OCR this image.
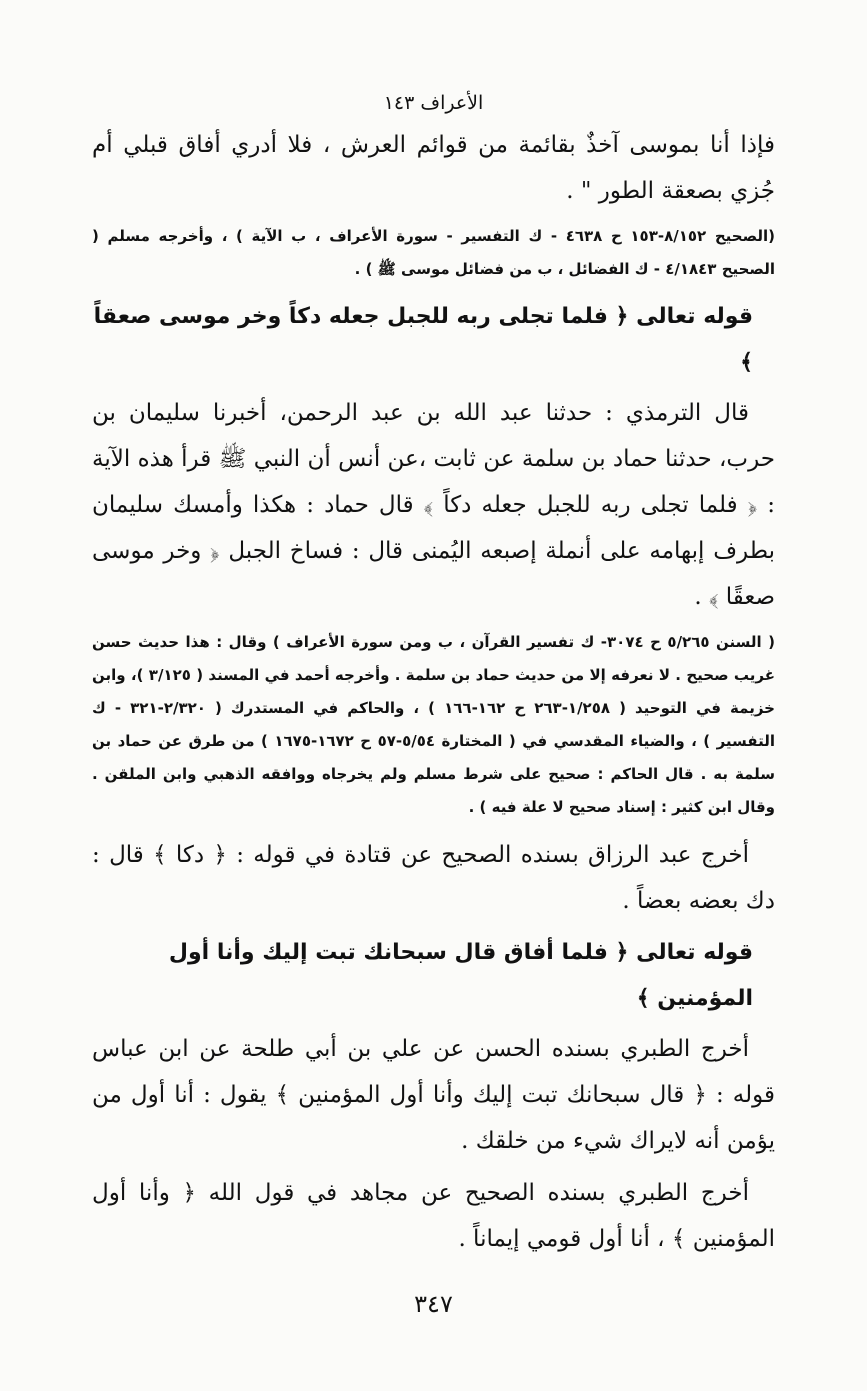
الأعراف ١٤٣

فإذا أنا بموسى آخذٌ بقائمة من قوائم العرش ، فلا أدري أفاق قبلي أم جُزي بصعقة الطور " .

(الصحيح ٨/١٥٢-١٥٣ ح ٤٦٣٨ - ك التفسير - سورة الأعراف ، ب الآية ) ، وأخرجه مسلم ( الصحيح ٤/١٨٤٣ - ك الفضائل ، ب من فضائل موسى ﷺ ) .
قوله تعالى ﴿ فلما تجلى ربه للجبل جعله دكاً وخر موسى صعقاً ﴾

قال الترمذي : حدثنا عبد الله بن عبد الرحمن، أخبرنا سليمان بن حرب، حدثنا حماد بن سلمة عن ثابت ،عن أنس أن النبي ﷺ قرأ هذه الآية : ﴿ فلما تجلى ربه للجبل جعله دكاً ﴾ قال حماد : هكذا وأمسك سليمان بطرف إبهامه على أنملة إصبعه اليُمنى قال : فساخ الجبل ﴿ وخر موسى صعقًا ﴾ .

( السنن ٥/٢٦٥ ح ٣٠٧٤- ك تفسير القرآن ، ب ومن سورة الأعراف ) وقال : هذا حديث حسن غريب صحيح . لا نعرفه إلا من حديث حماد بن سلمة . وأخرجه أحمد في المسند ( ٣/١٢٥ )، وابن خزيمة في التوحيد ( ١/٢٥٨-٢٦٣ ح ١٦٢-١٦٦ ) ، والحاكم في المستدرك ( ٢/٣٢٠-٣٢١ - ك التفسير ) ، والضياء المقدسي في ( المختارة ٥/٥٤-٥٧ ح ١٦٧٢-١٦٧٥ ) من طرق عن حماد بن سلمة به . قال الحاكم : صحيح على شرط مسلم ولم يخرجاه ووافقه الذهبي وابن الملقن . وقال ابن كثير : إسناد صحيح لا علة فيه ) .

أخرج عبد الرزاق بسنده الصحيح عن قتادة في قوله : ﴿ دكا ﴾ قال : دك بعضه بعضاً .

قوله تعالى ﴿ فلما أفاق قال سبحانك تبت إليك وأنا أول المؤمنين ﴾

أخرج الطبري بسنده الحسن عن علي بن أبي طلحة عن ابن عباس قوله : ﴿ قال سبحانك تبت إليك وأنا أول المؤمنين ﴾ يقول : أنا أول من يؤمن أنه لايراك شيء من خلقك .

أخرج الطبري بسنده الصحيح عن مجاهد في قول الله ﴿ وأنا أول المؤمنين ﴾ ، أنا أول قومي إيماناً .

٣٤٧
